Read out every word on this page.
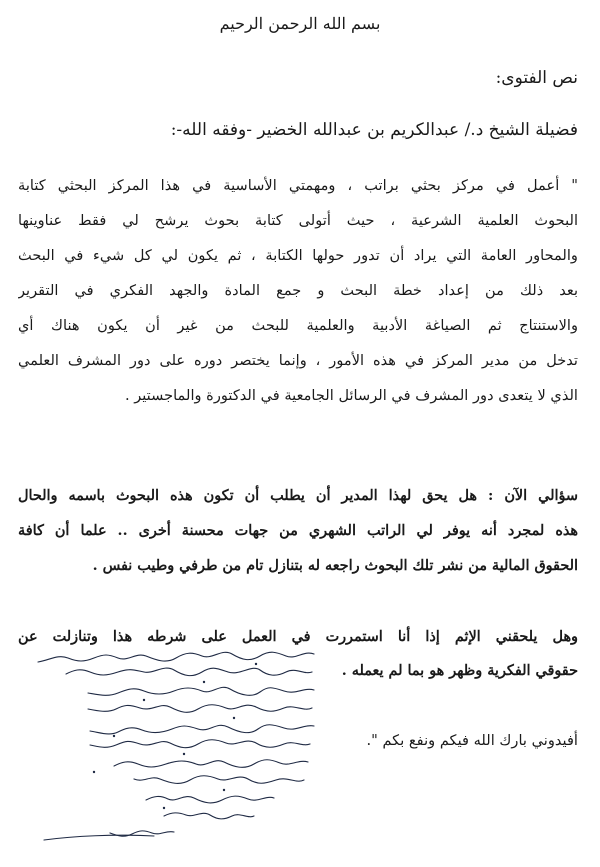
بسم الله الرحمن الرحيم
نص الفتوى:
فضيلة الشيخ د./ عبدالكريم بن عبدالله الخضير -وفقه الله-:
" أعمل في مركز بحثي براتب ، ومهمتي الأساسية في هذا المركز البحثي كتابة
البحوث العلمية الشرعية ، حيث أتولى كتابة بحوث يرشح لي فقط عناوينها
والمحاور العامة التي يراد أن تدور حولها الكتابة ، ثم يكون لي كل شيء في البحث
بعد ذلك من إعداد خطة البحث و جمع المادة والجهد الفكري في التقرير
والاستنتاج ثم الصياغة الأدبية والعلمية للبحث من غير أن يكون هناك أي
تدخل من مدير المركز في هذه الأمور ، وإنما يختصر دوره على دور المشرف العلمي
الذي لا يتعدى دور المشرف في الرسائل الجامعية في الدكتورة والماجستير .
سؤالي الآن : هل يحق لهذا المدير أن يطلب أن تكون هذه البحوث باسمه والحال
هذه لمجرد أنه يوفر لي الراتب الشهري من جهات محسنة أخرى .. علما أن كافة
الحقوق المالية من نشر تلك البحوث راجعه له بتنازل تام من طرفي وطيب نفس .
وهل يلحقني الإثم إذا أنا استمررت في العمل على شرطه هذا وتنازلت عن
حقوقي الفكرية وظهر هو بما لم يعمله .
أفيدوني بارك الله فيكم ونفع بكم ".
